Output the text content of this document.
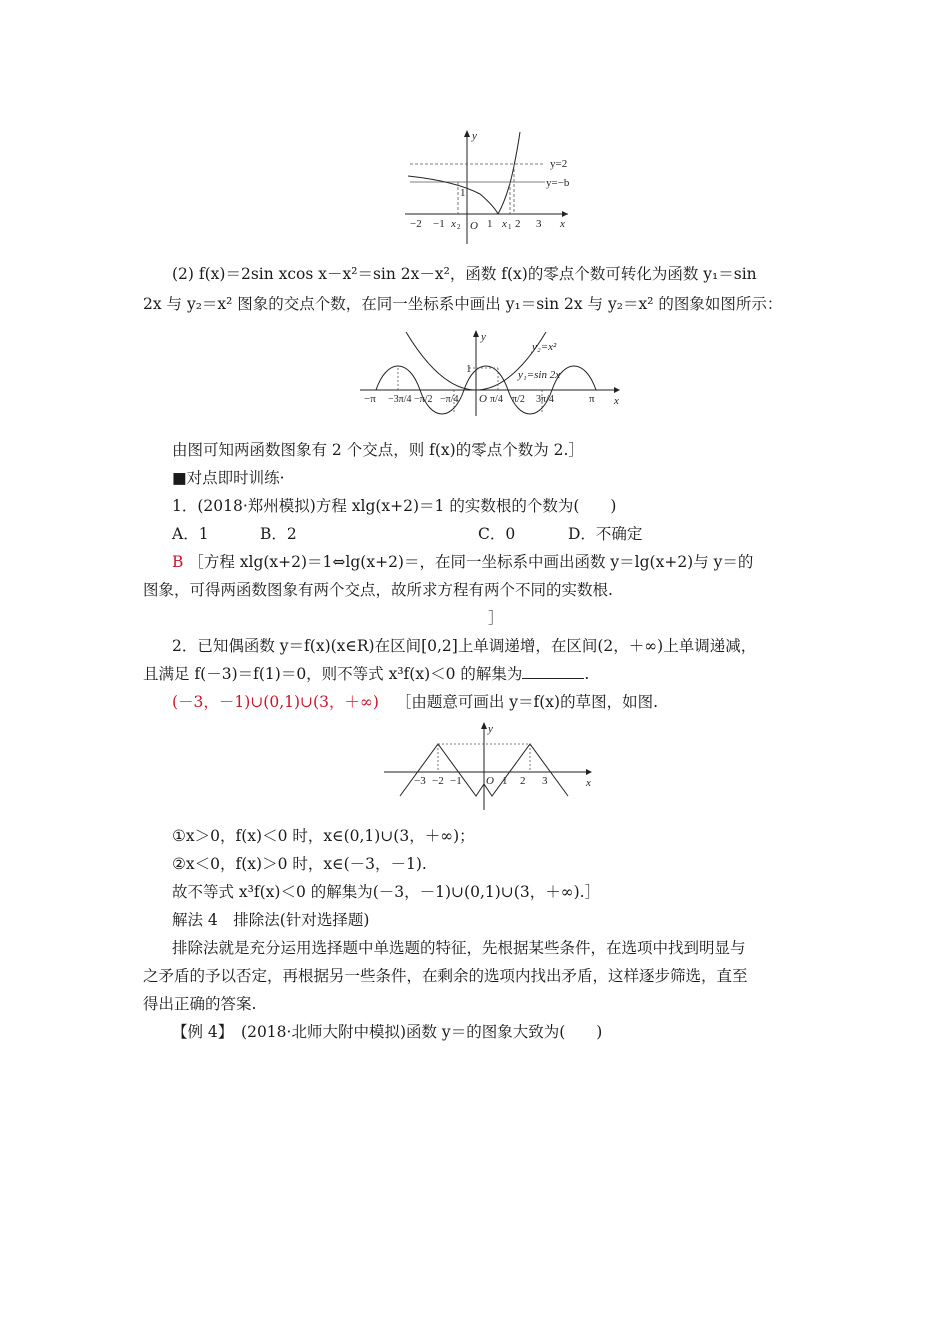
y
y=2
y=−b
1
−2 −1 x 2 O 1 x 1 2 3 x
(2) f(x)＝2sin xcos x－x²＝sin 2x－x²，函数 f(x)的零点个数可转化为函数 y₁＝sin
2x 与 y₂＝x² 图象的交点个数，在同一坐标系中画出 y₁＝sin 2x 与 y₂＝x² 的图象如图所示：
y
y₂=x²
y₁=sin 2x
1
O	x
−π −3π/4 −π/2 −π/4	π/4 π/2 3π/4	π
由图可知两函数图象有 2 个交点，则 f(x)的零点个数为 2.］
■对点即时训练·
1．(2018·郑州模拟)方程 xlg(x+2)＝1 的实数根的个数为(　　)
A．1	B．2	C．0	D．不确定
B ［方程 xlg(x+2)＝1⇔lg(x+2)＝，在同一坐标系中画出函数 y＝lg(x+2)与 y＝的
图象，可得两函数图象有两个交点，故所求方程有两个不同的实数根.
］
2．已知偶函数 y＝f(x)(x∈R)在区间[0,2]上单调递增，在区间(2，＋∞)上单调递减，
且满足 f(－3)＝f(1)＝0，则不等式 x³f(x)＜0 的解集为	.
(－3，－1)∪(0,1)∪(3，＋∞) ［由题意可画出 y＝f(x)的草图，如图.
y
x
−3 −2 −1 O 1 2 3
①x＞0，f(x)＜0 时，x∈(0,1)∪(3，＋∞)；
②x＜0，f(x)＞0 时，x∈(－3，－1).
故不等式 x³f(x)＜0 的解集为(－3，－1)∪(0,1)∪(3，＋∞).］
解法 4　排除法(针对选择题)
排除法就是充分运用选择题中单选题的特征，先根据某些条件，在选项中找到明显与
之矛盾的予以否定，再根据另一些条件，在剩余的选项内找出矛盾，这样逐步筛选，直至
得出正确的答案.
【例 4】　(2018·北师大附中模拟)函数 y＝的图象大致为(　　)
